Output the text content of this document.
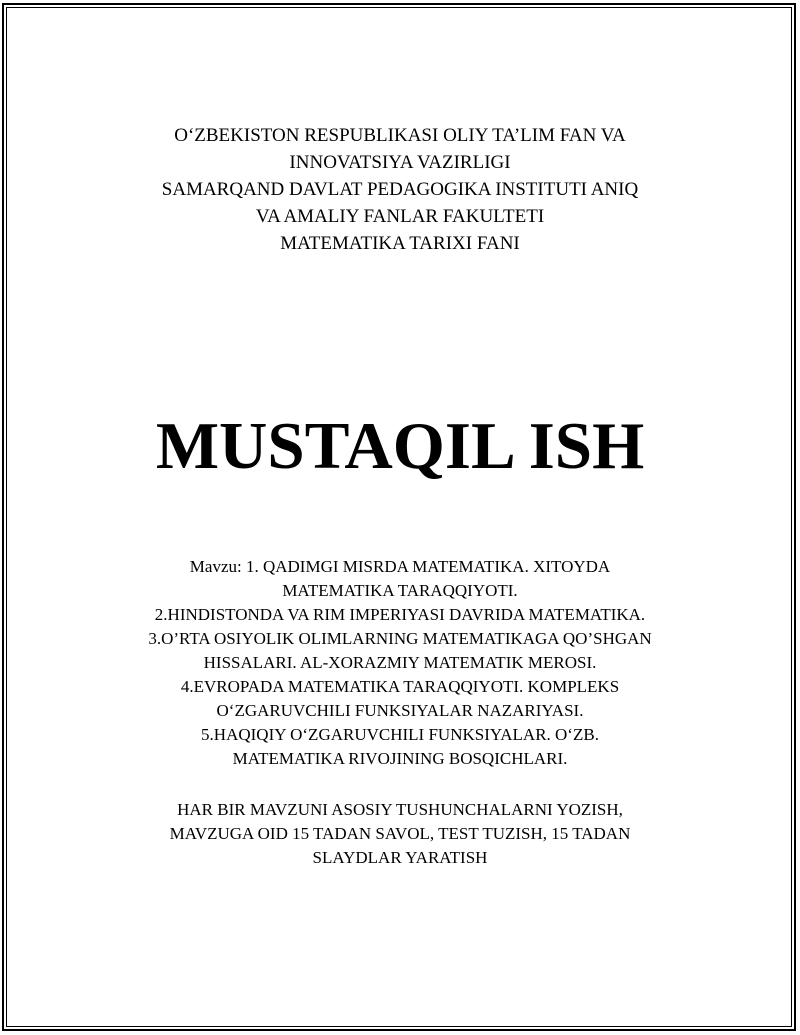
O‘ZBEKISTON RESPUBLIKASI OLIY TA’LIM FAN VA
INNOVATSIYA VAZIRLIGI
SAMARQAND DAVLAT PEDAGOGIKA INSTITUTI ANIQ
VA AMALIY FANLAR FAKULTETI
MATEMATIKA TARIXI FANI
MUSTAQIL ISH
Mavzu: 1. QADIMGI MISRDA MATEMATIKA. XITOYDA
MATEMATIKA TARAQQIYOTI.
2.HINDISTONDA VA RIM IMPERIYASI DAVRIDA MATEMATIKA.
3.O’RTA OSIYOLIK OLIMLARNING MATEMATIKAGA QO’SHGAN
HISSALARI. AL-XORAZMIY MATEMATIK MEROSI.
4.EVROPADA MATEMATIKA TARAQQIYOTI. KOMPLEKS
O‘ZGARUVCHILI FUNKSIYALAR NAZARIYASI.
5.HAQIQIY O‘ZGARUVCHILI FUNKSIYALAR. O‘ZB.
MATEMATIKA RIVOJINING BOSQICHLARI.
HAR BIR MAVZUNI ASOSIY TUSHUNCHALARNI YOZISH,
MAVZUGA OID 15 TADAN SAVOL, TEST TUZISH, 15 TADAN
SLAYDLAR YARATISH
